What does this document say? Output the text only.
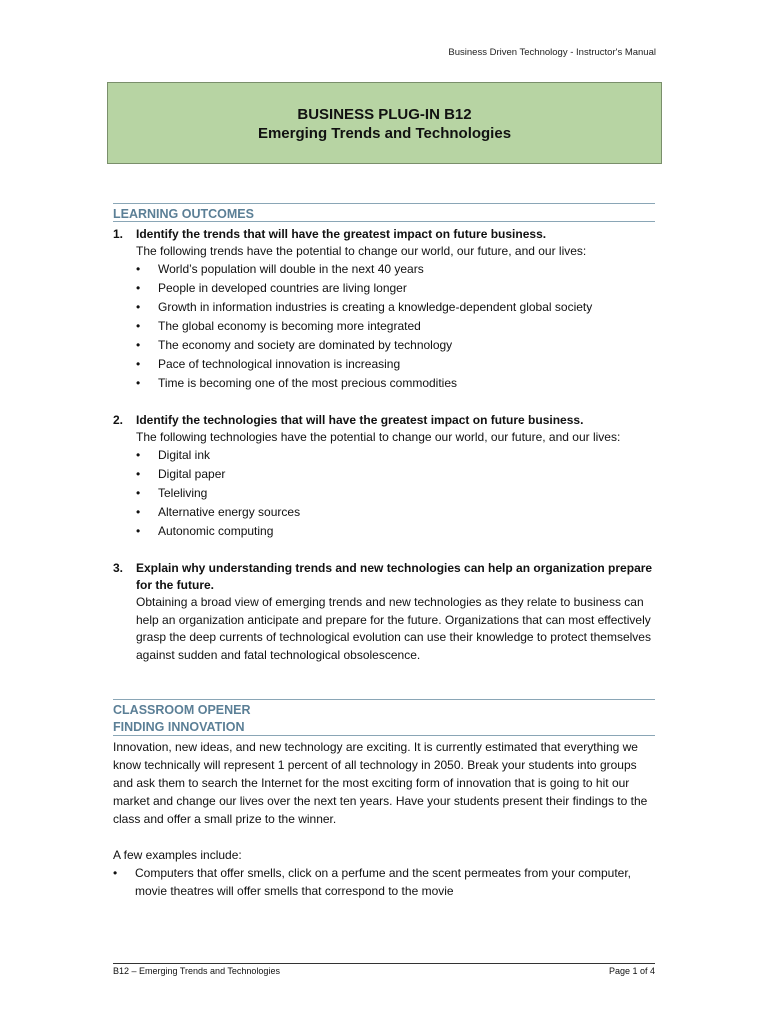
Business Driven Technology - Instructor's Manual
BUSINESS PLUG-IN B12
Emerging Trends and Technologies
LEARNING OUTCOMES
1. Identify the trends that will have the greatest impact on future business.
The following trends have the potential to change our world, our future, and our lives:
• World’s population will double in the next 40 years
• People in developed countries are living longer
• Growth in information industries is creating a knowledge-dependent global society
• The global economy is becoming more integrated
• The economy and society are dominated by technology
• Pace of technological innovation is increasing
• Time is becoming one of the most precious commodities
2. Identify the technologies that will have the greatest impact on future business.
The following technologies have the potential to change our world, our future, and our lives:
• Digital ink
• Digital paper
• Teleliving
• Alternative energy sources
• Autonomic computing
3. Explain why understanding trends and new technologies can help an organization prepare for the future.
Obtaining a broad view of emerging trends and new technologies as they relate to business can help an organization anticipate and prepare for the future. Organizations that can most effectively grasp the deep currents of technological evolution can use their knowledge to protect themselves against sudden and fatal technological obsolescence.
CLASSROOM OPENER
FINDING INNOVATION
Innovation, new ideas, and new technology are exciting. It is currently estimated that everything we know technically will represent 1 percent of all technology in 2050. Break your students into groups and ask them to search the Internet for the most exciting form of innovation that is going to hit our market and change our lives over the next ten years. Have your students present their findings to the class and offer a small prize to the winner.
A few examples include:
• Computers that offer smells, click on a perfume and the scent permeates from your computer, movie theatres will offer smells that correspond to the movie
B12 – Emerging Trends and Technologies	Page 1 of 4
